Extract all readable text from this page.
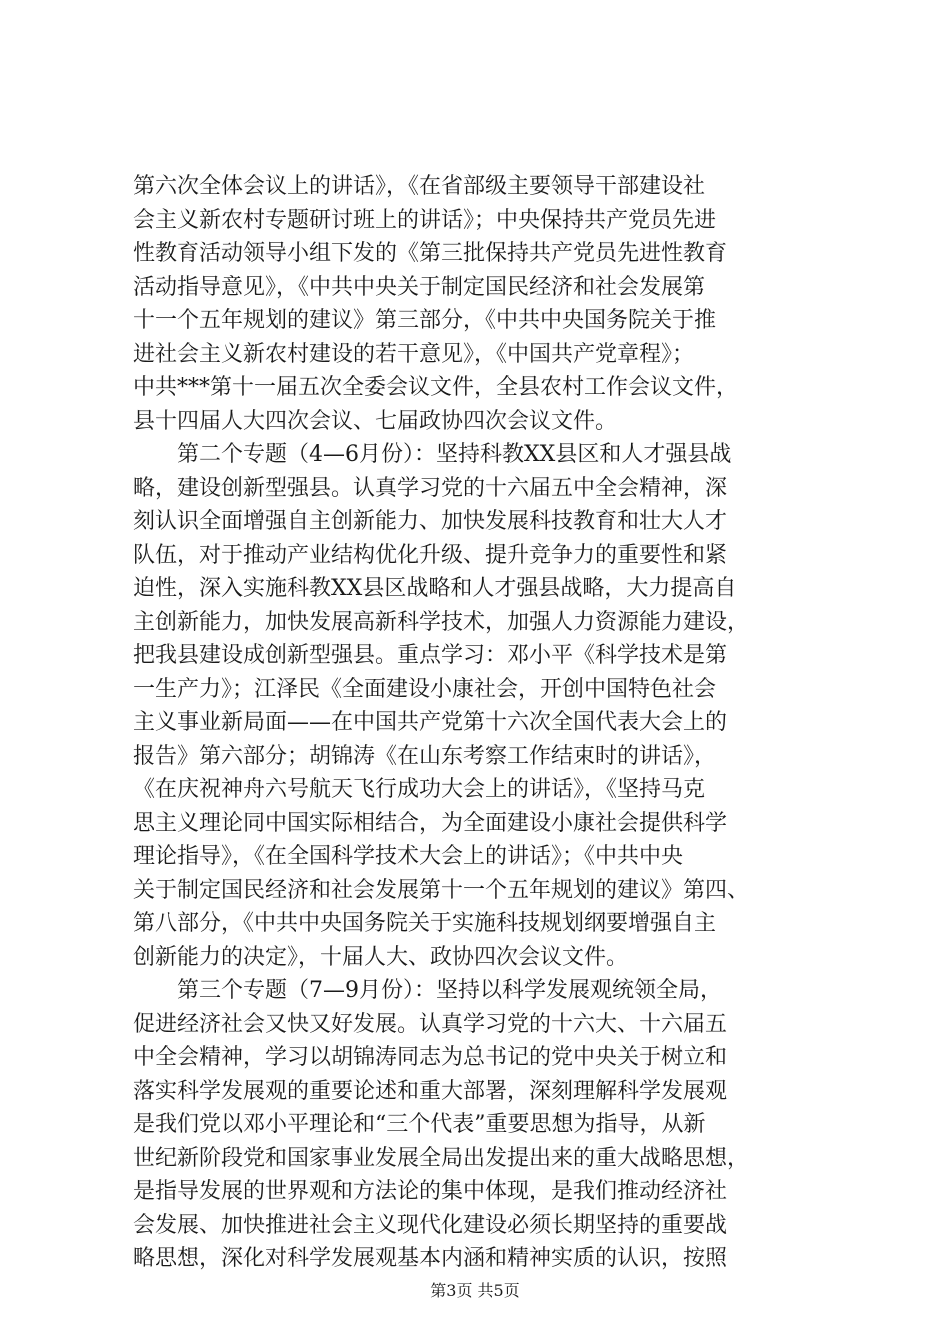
第六次全体会议上的讲话》，《在省部级主要领导干部建设社
会主义新农村专题研讨班上的讲话》；中央保持共产党员先进
性教育活动领导小组下发的《第三批保持共产党员先进性教育
活动指导意见》，《中共中央关于制定国民经济和社会发展第
十一个五年规划的建议》第三部分，《中共中央国务院关于推
进社会主义新农村建设的若干意见》，《中国共产党章程》；
中共***第十一届五次全委会议文件，全县农村工作会议文件，
县十四届人大四次会议、七届政协四次会议文件。
　　第二个专题（4—6月份）：坚持科教XX县区和人才强县战
略，建设创新型强县。认真学习党的十六届五中全会精神，深
刻认识全面增强自主创新能力、加快发展科技教育和壮大人才
队伍，对于推动产业结构优化升级、提升竞争力的重要性和紧
迫性，深入实施科教XX县区战略和人才强县战略，大力提高自
主创新能力，加快发展高新科学技术，加强人力资源能力建设，
把我县建设成创新型强县。重点学习：邓小平《科学技术是第
一生产力》；江泽民《全面建设小康社会，开创中国特色社会
主义事业新局面——在中国共产党第十六次全国代表大会上的
报告》第六部分；胡锦涛《在山东考察工作结束时的讲话》，
《在庆祝神舟六号航天飞行成功大会上的讲话》，《坚持马克
思主义理论同中国实际相结合，为全面建设小康社会提供科学
理论指导》，《在全国科学技术大会上的讲话》；《中共中央
关于制定国民经济和社会发展第十一个五年规划的建议》第四、
第八部分，《中共中央国务院关于实施科技规划纲要增强自主
创新能力的决定》，十届人大、政协四次会议文件。
　　第三个专题（7—9月份）：坚持以科学发展观统领全局，
促进经济社会又快又好发展。认真学习党的十六大、十六届五
中全会精神，学习以胡锦涛同志为总书记的党中央关于树立和
落实科学发展观的重要论述和重大部署，深刻理解科学发展观
是我们党以邓小平理论和“三个代表”重要思想为指导，从新
世纪新阶段党和国家事业发展全局出发提出来的重大战略思想，
是指导发展的世界观和方法论的集中体现，是我们推动经济社
会发展、加快推进社会主义现代化建设必须长期坚持的重要战
略思想，深化对科学发展观基本内涵和精神实质的认识，按照
第3页 共5页
